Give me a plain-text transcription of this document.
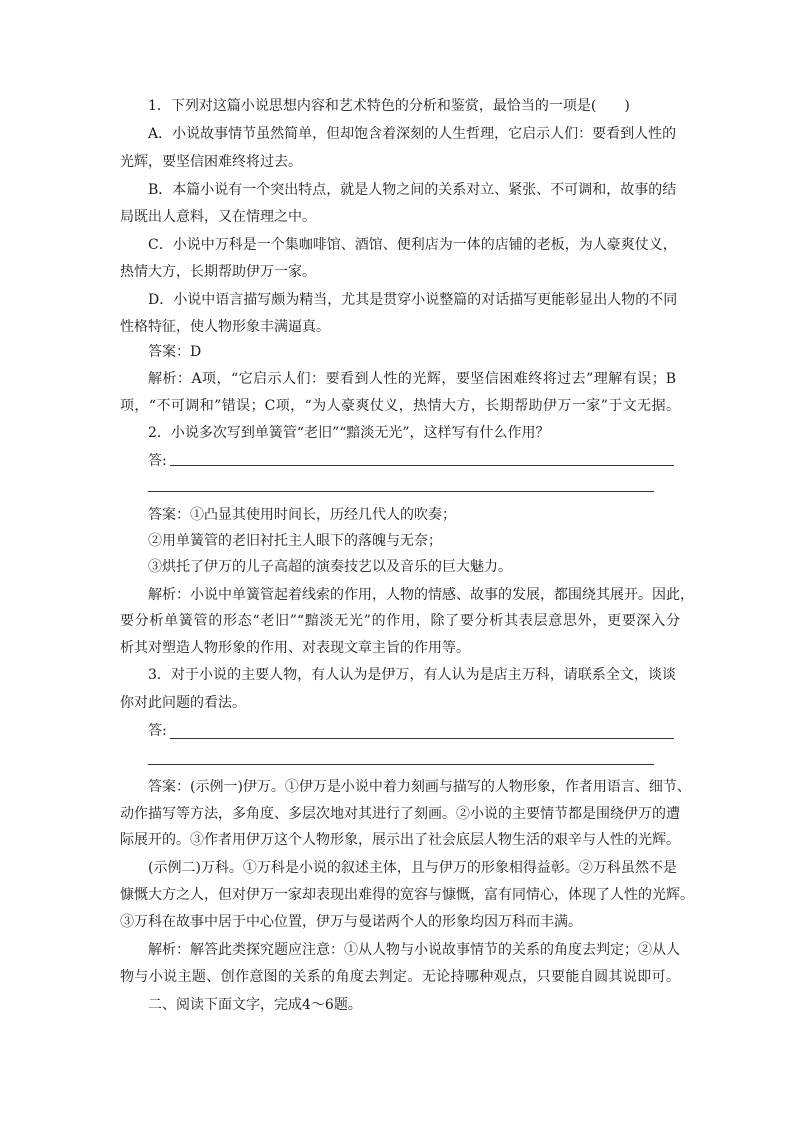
1．下列对这篇小说思想内容和艺术特色的分析和鉴赏，最恰当的一项是(　　)
A．小说故事情节虽然简单，但却饱含着深刻的人生哲理，它启示人们：要看到人性的
光辉，要坚信困难终将过去。
B．本篇小说有一个突出特点，就是人物之间的关系对立、紧张、不可调和，故事的结
局既出人意料，又在情理之中。
C．小说中万科是一个集咖啡馆、酒馆、便利店为一体的店铺的老板，为人豪爽仗义，
热情大方，长期帮助伊万一家。
D．小说中语言描写颇为精当，尤其是贯穿小说整篇的对话描写更能彰显出人物的不同
性格特征，使人物形象丰满逼真。
答案：D
解析：A项，“它启示人们：要看到人性的光辉，要坚信困难终将过去”理解有误；B
项，“不可调和”错误；C项，“为人豪爽仗义，热情大方，长期帮助伊万一家”于文无据。
2．小说多次写到单簧管“老旧”“黯淡无光”，这样写有什么作用？
答:
答案：①凸显其使用时间长，历经几代人的吹奏；
②用单簧管的老旧衬托主人眼下的落魄与无奈；
③烘托了伊万的儿子高超的演奏技艺以及音乐的巨大魅力。
解析：小说中单簧管起着线索的作用，人物的情感、故事的发展，都围绕其展开。因此，
要分析单簧管的形态“老旧”“黯淡无光”的作用，除了要分析其表层意思外，更要深入分
析其对塑造人物形象的作用、对表现文章主旨的作用等。
3．对于小说的主要人物，有人认为是伊万，有人认为是店主万科，请联系全文，谈谈
你对此问题的看法。
答:
答案：(示例一)伊万。①伊万是小说中着力刻画与描写的人物形象，作者用语言、细节、
动作描写等方法，多角度、多层次地对其进行了刻画。②小说的主要情节都是围绕伊万的遭
际展开的。③作者用伊万这个人物形象，展示出了社会底层人物生活的艰辛与人性的光辉。
(示例二)万科。①万科是小说的叙述主体，且与伊万的形象相得益彰。②万科虽然不是
慷慨大方之人，但对伊万一家却表现出难得的宽容与慷慨，富有同情心，体现了人性的光辉。
③万科在故事中居于中心位置，伊万与曼诺两个人的形象均因万科而丰满。
解析：解答此类探究题应注意：①从人物与小说故事情节的关系的角度去判定；②从人
物与小说主题、创作意图的关系的角度去判定。无论持哪种观点，只要能自圆其说即可。
二、阅读下面文字，完成4～6题。
